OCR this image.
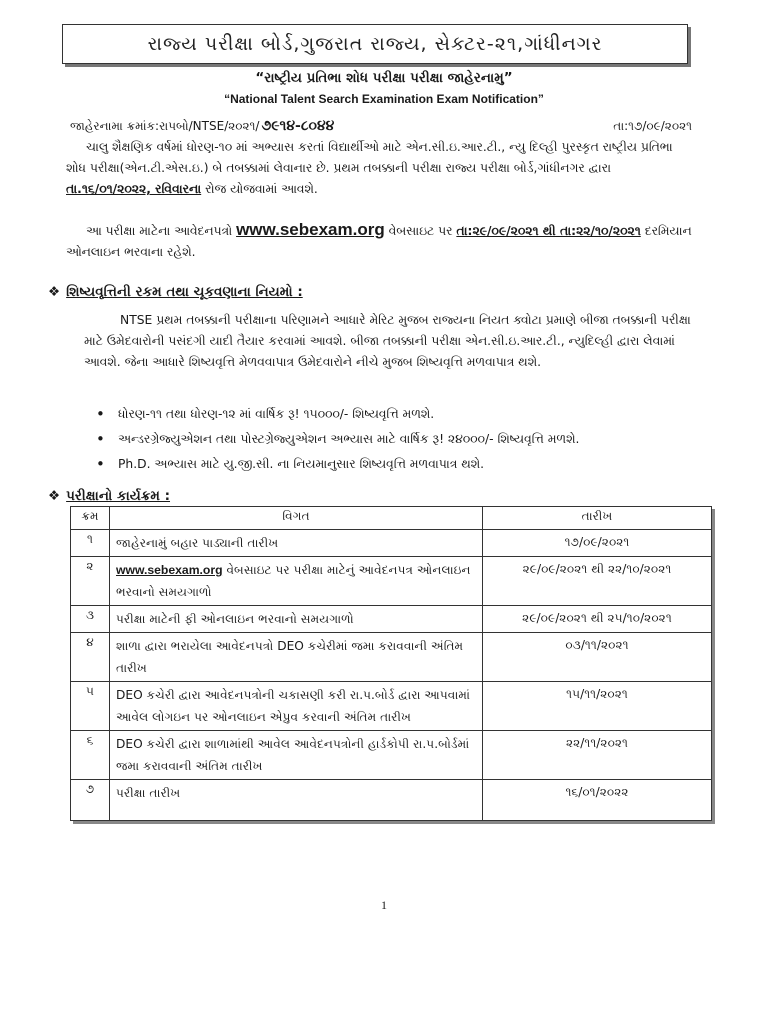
રાજ્ય પરીક્ષા બોર્ડ,ગુજરાત રાજ્ય, સેક્ટર-૨૧,ગાંધીનગર
“રાષ્ટ્રીય પ્રતિભા શોધ પરીક્ષા પરીક્ષા જાહેરનામુ”
“National Talent Search Examination Exam Notification”
જાહેરનામા ક્રમાંક:રાપબો/NTSE/૨૦૨૧/ ૭૯૧૪-૮૦૪૪	તા:૧૭/૦૯/૨૦૨૧
ચાલુ શૈક્ષણિક વર્ષમાં ધોરણ-૧૦ માં અભ્યાસ કરતાં વિદ્યાર્થીઓ માટે એન.સી.ઇ.આર.ટી., ન્યુ દિલ્હી પુરસ્કૃત રાષ્ટ્રીય પ્રતિભા શોધ પરીક્ષા(એન.ટી.એસ.ઇ.) બે તબક્કામાં લેવાનાર છે. પ્રથમ તબક્કાની પરીક્ષા રાજ્ય પરીક્ષા બોર્ડ,ગાંધીનગર દ્વારા તા.૧૬/૦૧/૨૦૨૨, રવિવારના રોજ યોજવામાં આવશે.
આ પરીક્ષા માટેના આવેદનપત્રો www.sebexam.org વેબસાઇટ પર તા:૨૯/૦૯/૨૦૨૧ થી તા:૨૨/૧૦/૨૦૨૧ દરમિયાન ઓનલાઇન ભરવાના રહેશે.
❖ શિષ્યવૃત્તિની રકમ તથા ચૂકવણાના નિયમો :
NTSE પ્રથમ તબક્કાની પરીક્ષાના પરિણામને આધારે મેરિટ મુજબ રાજ્યના નિયત ક્વોટા પ્રમાણે બીજા તબક્કાની પરીક્ષા માટે ઉમેદવારોની પસંદગી યાદી તૈયાર કરવામાં આવશે. બીજા તબક્કાની પરીક્ષા એન.સી.ઇ.આર.ટી., ન્યુદિલ્હી દ્વારા લેવામાં આવશે. જેના આધારે શિષ્યવૃત્તિ મેળવવાપાત્ર ઉમેદવારોને નીચે મુજબ શિષ્યવૃત્તિ મળવાપાત્ર થશે.
• ધોરણ-૧૧ તથા ધોરણ-૧૨ માં વાર્ષિક રૂ! ૧૫૦૦૦/- શિષ્યવૃત્તિ મળશે.
• અન્ડરગ્રેજ્યુએશન તથા પોસ્ટગ્રેજ્યુએશન અભ્યાસ માટે વાર્ષિક રૂ! ૨૪૦૦૦/- શિષ્યવૃત્તિ મળશે.
• Ph.D. અભ્યાસ માટે યુ.જી.સી. ના નિયમાનુસાર શિષ્યવૃત્તિ મળવાપાત્ર થશે.
❖ પરીક્ષાનો કાર્યક્રમ :
ક્રમ	વિગત	તારીખ
૧	જાહેરનામું બહાર પાડ્યાની તારીખ	૧૭/૦૯/૨૦૨૧
૨	www.sebexam.org વેબસાઇટ પર પરીક્ષા માટેનું આવેદનપત્ર ઓનલાઇન ભરવાનો સમયગાળો	૨૯/૦૯/૨૦૨૧ થી ૨૨/૧૦/૨૦૨૧
૩	પરીક્ષા માટેની ફી ઓનલાઇન ભરવાનો સમયગાળો	૨૯/૦૯/૨૦૨૧ થી ૨૫/૧૦/૨૦૨૧
૪	શાળા દ્વારા ભરાયેલા આવેદનપત્રો DEO કચેરીમાં જમા કરાવવાની અંતિમ તારીખ	૦૩/૧૧/૨૦૨૧
૫	DEO કચેરી દ્વારા આવેદનપત્રોની ચકાસણી કરી રા.પ.બોર્ડ દ્વારા આપવામાં આવેલ લોગઇન પર ઓનલાઇન એપ્રુવ કરવાની અંતિમ તારીખ	૧૫/૧૧/૨૦૨૧
૬	DEO કચેરી દ્વારા શાળામાંથી આવેલ આવેદનપત્રોની હાર્ડકોપી રા.પ.બોર્ડમાં જમા કરાવવાની અંતિમ તારીખ	૨૨/૧૧/૨૦૨૧
૭	પરીક્ષા તારીખ	૧૬/૦૧/૨૦૨૨
1
